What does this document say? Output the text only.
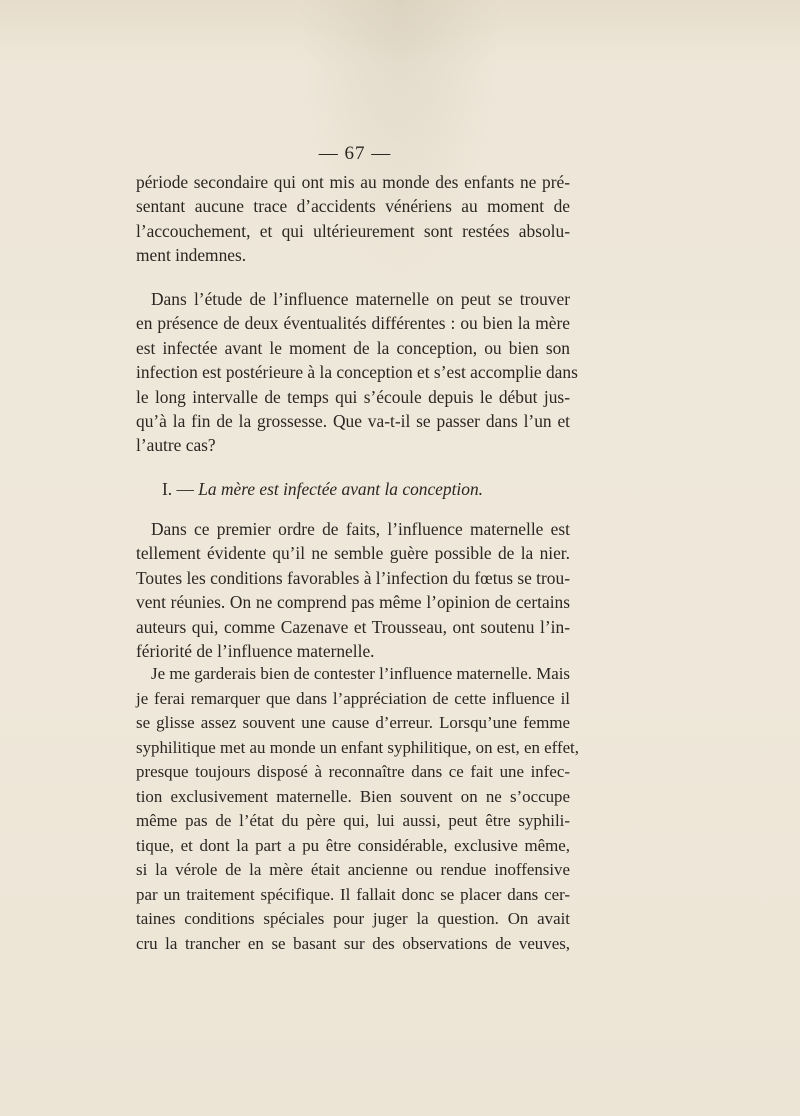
— 67 —
période secondaire qui ont mis au monde des enfants ne pré-
sentant aucune trace d’accidents vénériens au moment de
l’accouchement, et qui ultérieurement sont restées absolu-
ment indemnes.
Dans l’étude de l’influence maternelle on peut se trouver
en présence de deux éventualités différentes : ou bien la mère
est infectée avant le moment de la conception, ou bien son
infection est postérieure à la conception et s’est accomplie dans
le long intervalle de temps qui s’écoule depuis le début jus-
qu’à la fin de la grossesse. Que va-t-il se passer dans l’un et
l’autre cas?
I. — La mère est infectée avant la conception.
Dans ce premier ordre de faits, l’influence maternelle est
tellement évidente qu’il ne semble guère possible de la nier.
Toutes les conditions favorables à l’infection du fœtus se trou-
vent réunies. On ne comprend pas même l’opinion de certains
auteurs qui, comme Cazenave et Trousseau, ont soutenu l’in-
fériorité de l’influence maternelle.
Je me garderais bien de contester l’influence maternelle. Mais
je ferai remarquer que dans l’appréciation de cette influence il
se glisse assez souvent une cause d’erreur. Lorsqu’une femme
syphilitique met au monde un enfant syphilitique, on est, en effet,
presque toujours disposé à reconnaître dans ce fait une infec-
tion exclusivement maternelle. Bien souvent on ne s’occupe
même pas de l’état du père qui, lui aussi, peut être syphili-
tique, et dont la part a pu être considérable, exclusive même,
si la vérole de la mère était ancienne ou rendue inoffensive
par un traitement spécifique. Il fallait donc se placer dans cer-
taines conditions spéciales pour juger la question. On avait
cru la trancher en se basant sur des observations de veuves,
